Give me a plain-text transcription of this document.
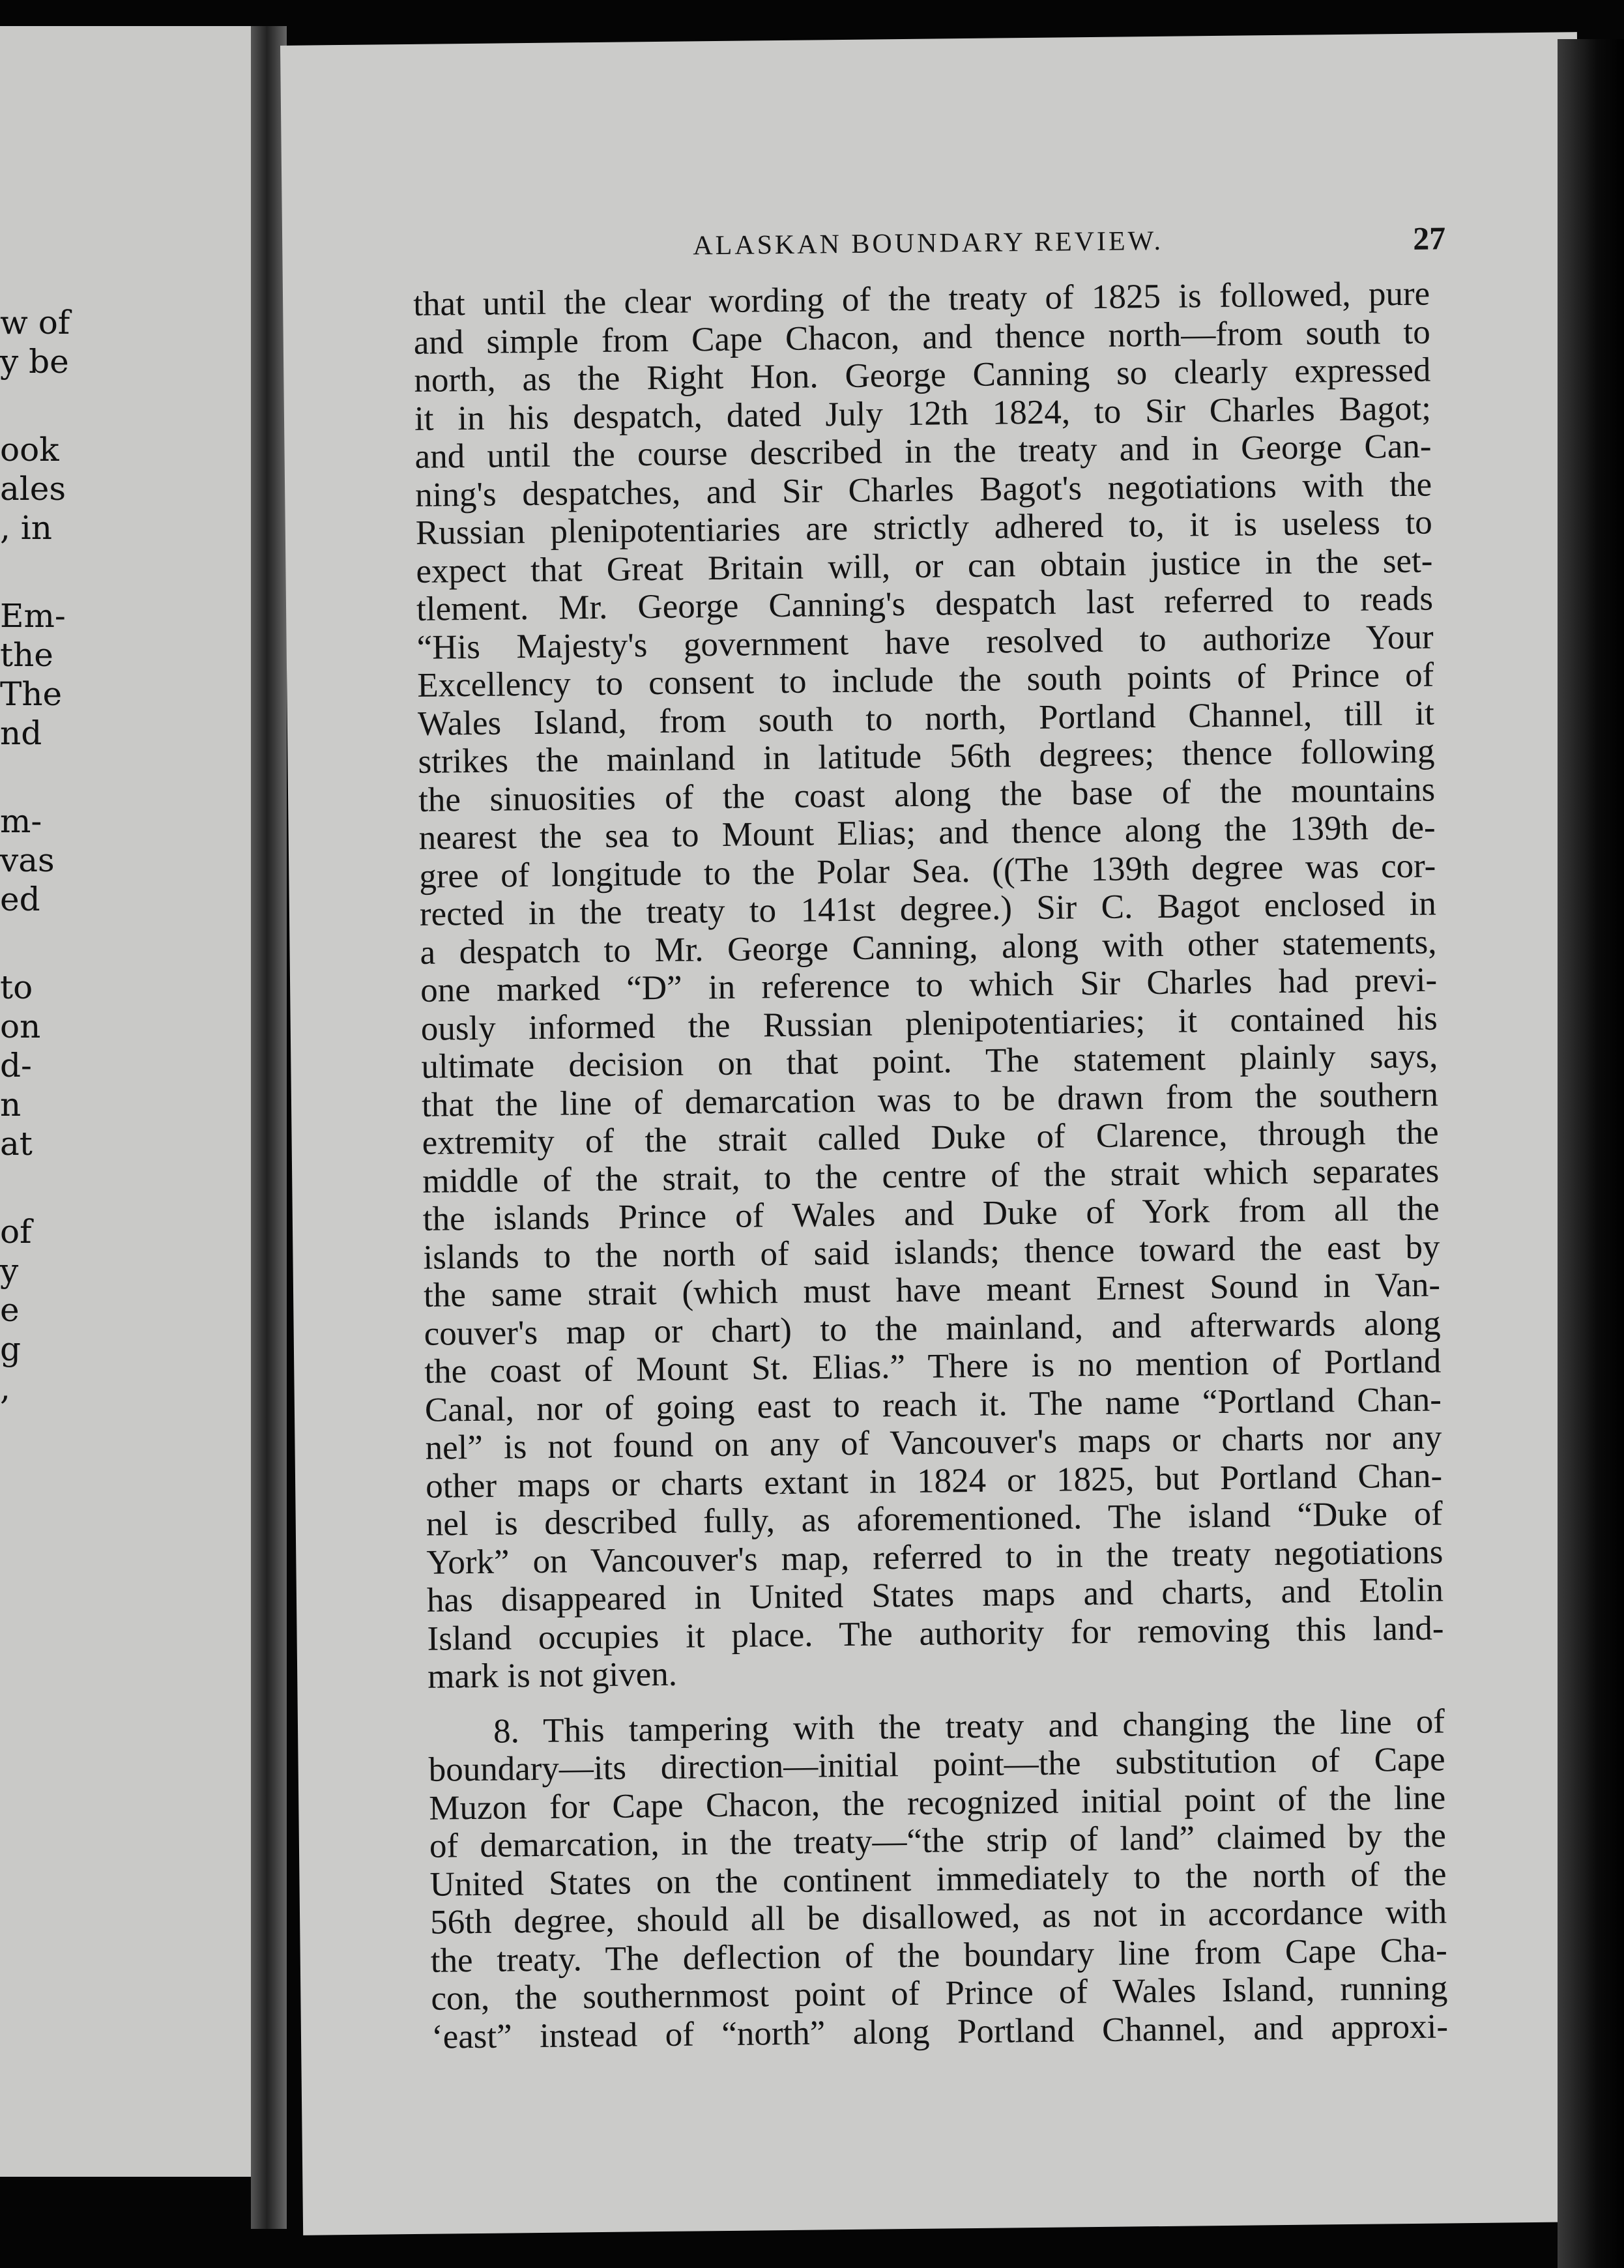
w of
y be
ook
ales
, in
Em-
the
The
nd
m-
vas
ed
to
on
d-
n
at
of
y
e
g
,
ALASKAN BOUNDARY REVIEW.	27
that until the clear wording of the treaty of 1825 is followed, pure
and simple from Cape Chacon, and thence north—from south to
north, as the Right Hon. George Canning so clearly expressed
it in his despatch, dated July 12th 1824, to Sir Charles Bagot;
and until the course described in the treaty and in George Can-
ning's despatches, and Sir Charles Bagot's negotiations with the
Russian plenipotentiaries are strictly adhered to, it is useless to
expect that Great Britain will, or can obtain justice in the set-
tlement. Mr. George Canning's despatch last referred to reads
“His Majesty's government have resolved to authorize Your
Excellency to consent to include the south points of Prince of
Wales Island, from south to north, Portland Channel, till it
strikes the mainland in latitude 56th degrees; thence following
the sinuosities of the coast along the base of the mountains
nearest the sea to Mount Elias; and thence along the 139th de-
gree of longitude to the Polar Sea. ((The 139th degree was cor-
rected in the treaty to 141st degree.) Sir C. Bagot enclosed in
a despatch to Mr. George Canning, along with other statements,
one marked “D” in reference to which Sir Charles had previ-
ously informed the Russian plenipotentiaries; it contained his
ultimate decision on that point. The statement plainly says,
that the line of demarcation was to be drawn from the southern
extremity of the strait called Duke of Clarence, through the
middle of the strait, to the centre of the strait which separates
the islands Prince of Wales and Duke of York from all the
islands to the north of said islands; thence toward the east by
the same strait (which must have meant Ernest Sound in Van-
couver's map or chart) to the mainland, and afterwards along
the coast of Mount St. Elias.” There is no mention of Portland
Canal, nor of going east to reach it. The name “Portland Chan-
nel” is not found on any of Vancouver's maps or charts nor any
other maps or charts extant in 1824 or 1825, but Portland Chan-
nel is described fully, as aforementioned. The island “Duke of
York” on Vancouver's map, referred to in the treaty negotiations
has disappeared in United States maps and charts, and Etolin
Island occupies it place. The authority for removing this land-
mark is not given.
8. This tampering with the treaty and changing the line of
boundary—its direction—initial point—the substitution of Cape
Muzon for Cape Chacon, the recognized initial point of the line
of demarcation, in the treaty—“the strip of land” claimed by the
United States on the continent immediately to the north of the
56th degree, should all be disallowed, as not in accordance with
the treaty. The deflection of the boundary line from Cape Cha-
con, the southernmost point of Prince of Wales Island, running
‘east” instead of “north” along Portland Channel, and approxi-
